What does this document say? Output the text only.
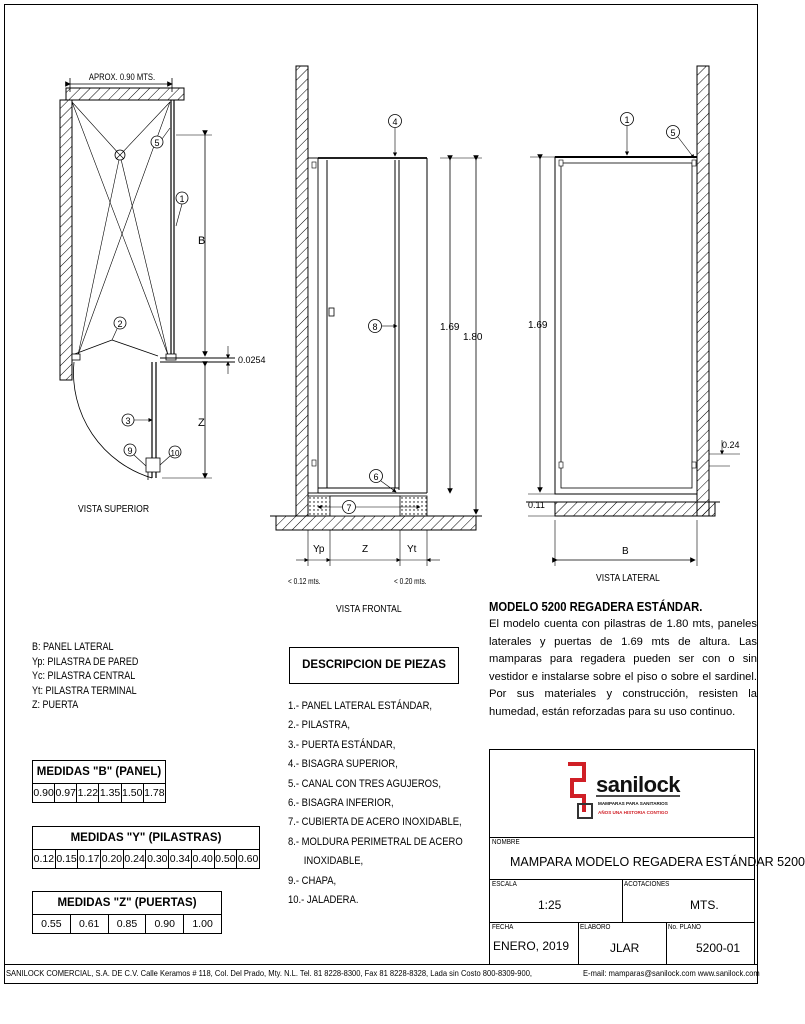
APROX. 0.90 MTS.
B
Z
0.0254
5
1
2
3
9	10
VISTA SUPERIOR
1.69
1.80
Yp	Z	Yt
< 0.12 mts.	< 0.20 mts.
4
8
6
7
VISTA FRONTAL
1.69
0.11
0.24
B
1
5
VISTA LATERAL
B: PANEL LATERAL
Yp: PILASTRA DE PARED
Yc: PILASTRA CENTRAL
Yt: PILASTRA TERMINAL
Z: PUERTA
MEDIDAS "B" (PANEL)
0.90	0.97	1.22	1.35	1.50	1.78
MEDIDAS "Y" (PILASTRAS)
0.12	0.15	0.17	0.20	0.24	0.30	0.34	0.40	0.50	0.60
MEDIDAS "Z" (PUERTAS)
0.55	0.61	0.85	0.90	1.00
DESCRIPCION DE PIEZAS
1.- PANEL LATERAL ESTÁNDAR,
2.- PILASTRA,
3.- PUERTA ESTÁNDAR,
4.- BISAGRA SUPERIOR,
5.- CANAL CON TRES AGUJEROS,
6.- BISAGRA INFERIOR,
7.- CUBIERTA DE ACERO INOXIDABLE,
8.- MOLDURA PERIMETRAL DE ACERO
INOXIDABLE,
9.- CHAPA,
10.- JALADERA.
MODELO 5200 REGADERA ESTÁNDAR.
El modelo cuenta con pilastras de 1.80 mts, paneles laterales y puertas de 1.69 mts de altura. Las mamparas para regadera pueden ser con o sin vestidor e instalarse sobre el piso o sobre el sardinel. Por sus materiales y construcción, resisten la humedad, están reforzadas para su uso continuo.
sanilock
MAMPARAS PARA SANITARIOS
AÑOS UNA HISTORIA CONTIGO
NOMBRE
MAMPARA MODELO REGADERA ESTÁNDAR 5200
ESCALA
1:25
ACOTACIONES
MTS.
FECHA
ENERO, 2019
ELABORO
JLAR
No. PLANO
5200-01
SANILOCK COMERCIAL, S.A. DE C.V. Calle Keramos # 118, Col. Del Prado, Mty. N.L. Tel. 81 8228-8300, Fax 81 8228-8328, Lada sin Costo 800-8309-900,	E-mail: mamparas@sanilock.com www.sanilock.com
